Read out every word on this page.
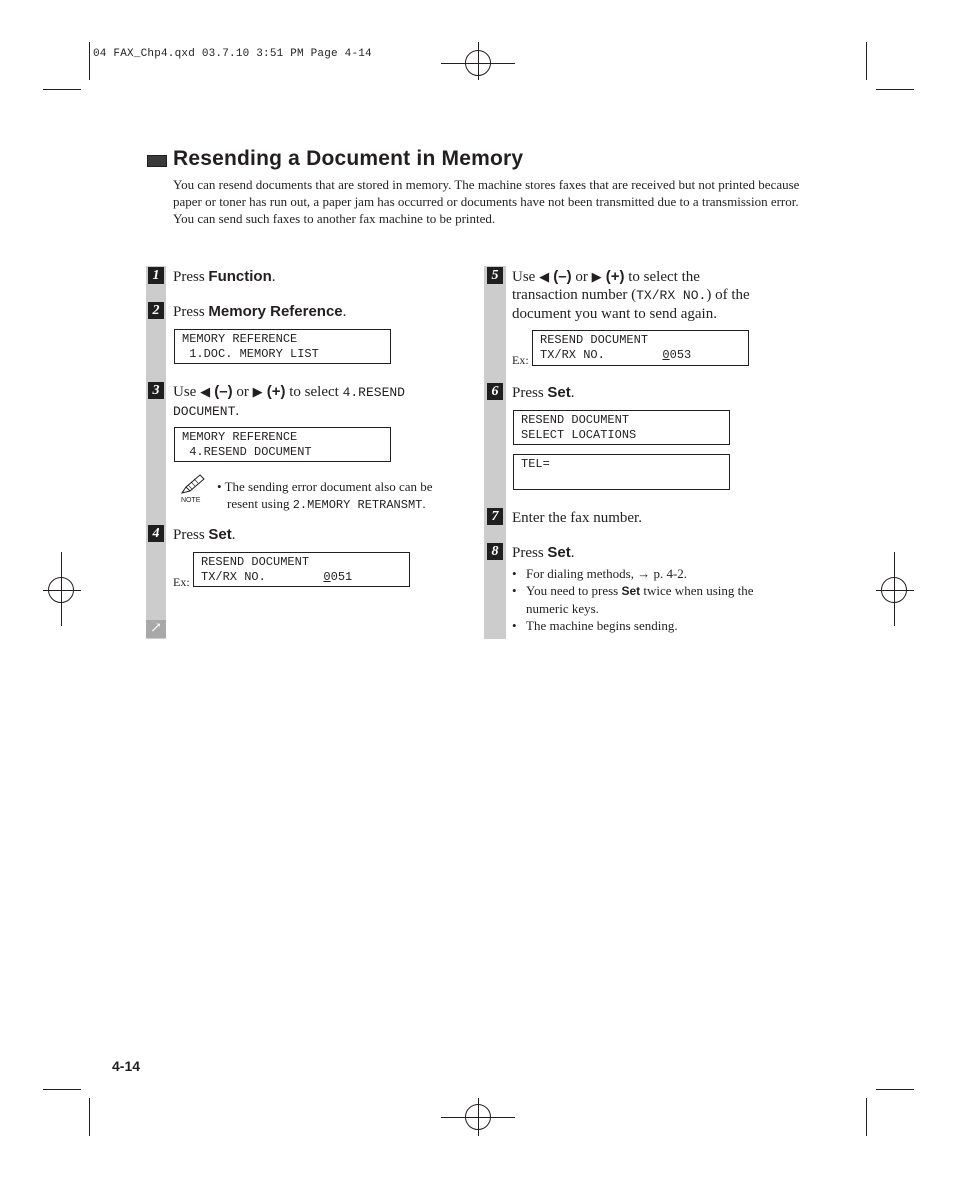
04 FAX_Chp4.qxd 03.7.10 3:51 PM Page 4-14
Resending a Document in Memory

You can resend documents that are stored in memory. The machine stores faxes that are received but not printed because paper or toner has run out, a paper jam has occurred or documents have not been transmitted due to a transmission error.

You can send such faxes to another fax machine to be printed.

1 Press Function.
2 Press Memory Reference.
MEMORY REFERENCE
1.DOC. MEMORY LIST
3 Use ◀ (–) or ▶ (+) to select 4.RESEND
DOCUMENT.
MEMORY REFERENCE
4.RESEND DOCUMENT
NOTE
• The sending error document also can be
resent using 2.MEMORY RETRANSMT.
4 Press Set.
Ex:
RESEND DOCUMENT
TX/RX NO.        0051
↗
5 Use ◀ (–) or ▶ (+) to select the
transaction number (TX/RX NO.) of the
document you want to send again.
Ex:
RESEND DOCUMENT
TX/RX NO.        0053
6 Press Set.
RESEND DOCUMENT
SELECT LOCATIONS
TEL=
7 Enter the fax number.
8 Press Set.
• For dialing methods, → p. 4-2.
• You need to press Set twice when using the
numeric keys.
• The machine begins sending.
4-14
